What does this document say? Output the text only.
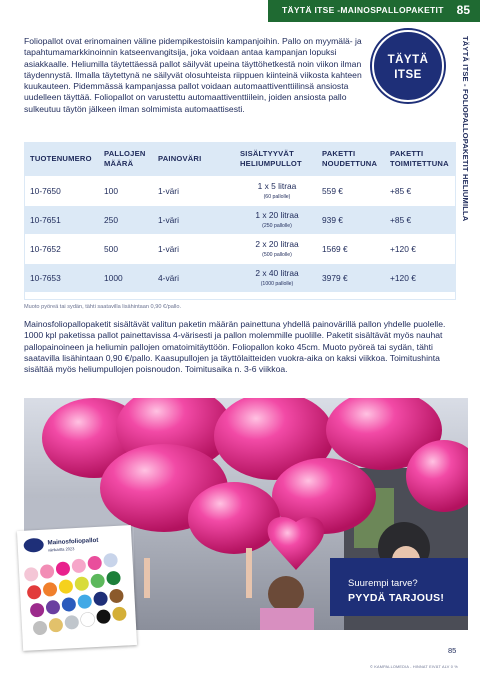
TÄYTÄ ITSE -MAINOSPALLOPAKETIT 85
TÄYTÄ ITSE - FOLIOPALLOPAKETIT HELIUMILLA
TÄYTÄ
ITSE

Foliopallot ovat erinomainen väline pidempikestoisiin kampanjoihin. Pallo on myymälä- ja tapahtumamarkkinoinnin katseenvangitsija, joka voidaan antaa kampanjan lopuksi asiakkaalle. Heliumilla täytettäessä pallot säilyvät upeina täyttöhetkestä noin viikon ilman täydennystä. Ilmalla täytettynä ne säilyvät olosuhteista riippuen kiinteinä viikosta kahteen kuukauteen. Pidemmässä kampanjassa pallot voidaan automaattiventtiilinsä ansiosta uudelleen täyttää. Foliopallot on varustettu automaattiventtiilein, joiden ansiosta pallo sulkeutuu täytön jälkeen ilman solmimista automaattisesti.

TUOTENUMERO	PALLOJEN MÄÄRÄ	PAINOVÄRI	SISÄLTYYVÄT HELIUMPULLOT	PAKETTI NOUDETTUNA	PAKETTI TOIMITETTUNA
10-7650	100	1-väri	1 x 5 litraa
(60 pallolle)	559 €	+85 €
10-7651	250	1-väri	1 x 20 litraa
(250 pallolle)	939 €	+85 €
10-7652	500	1-väri	2 x 20 litraa
(500 pallolle)	1569 €	+120 €
10-7653	1000	4-väri	2 x 40 litraa
(1000 pallolle)	3979 €	+120 €

Muoto pyöreä tai sydän, tähti saatavilla lisähintaan 0,90 €/pallo.

Mainosfoliopallopaketit sisältävät valitun paketin määrän painettuna yhdellä painovärillä pallon yhdelle puolelle. 1000 kpl paketissa pallot painettavissa 4-värisesti ja pallon molemmille puolille. Paketit sisältävät myös nauhat pallopainoineen ja heliumin pallojen omatoimitäyttöön. Foliopallon koko 45cm. Muoto pyöreä tai sydän, tähti saatavilla lisähintaan 0,90 €/pallo. Kaasupullojen ja täyttölaitteiden vuokra-aika on kaksi viikkoa. Toimitushinta sisältää myös heliumpullojen poisnoudon. Toimitusaika n. 3-6 viikkoa.

Mainosfoliopallot
värikartta 2023
Suurempi tarve?
PYYDÄ TARJOUS!
85
© KAMPALLOMEDIA - HINNAT EIVÄT ALV 0 %
